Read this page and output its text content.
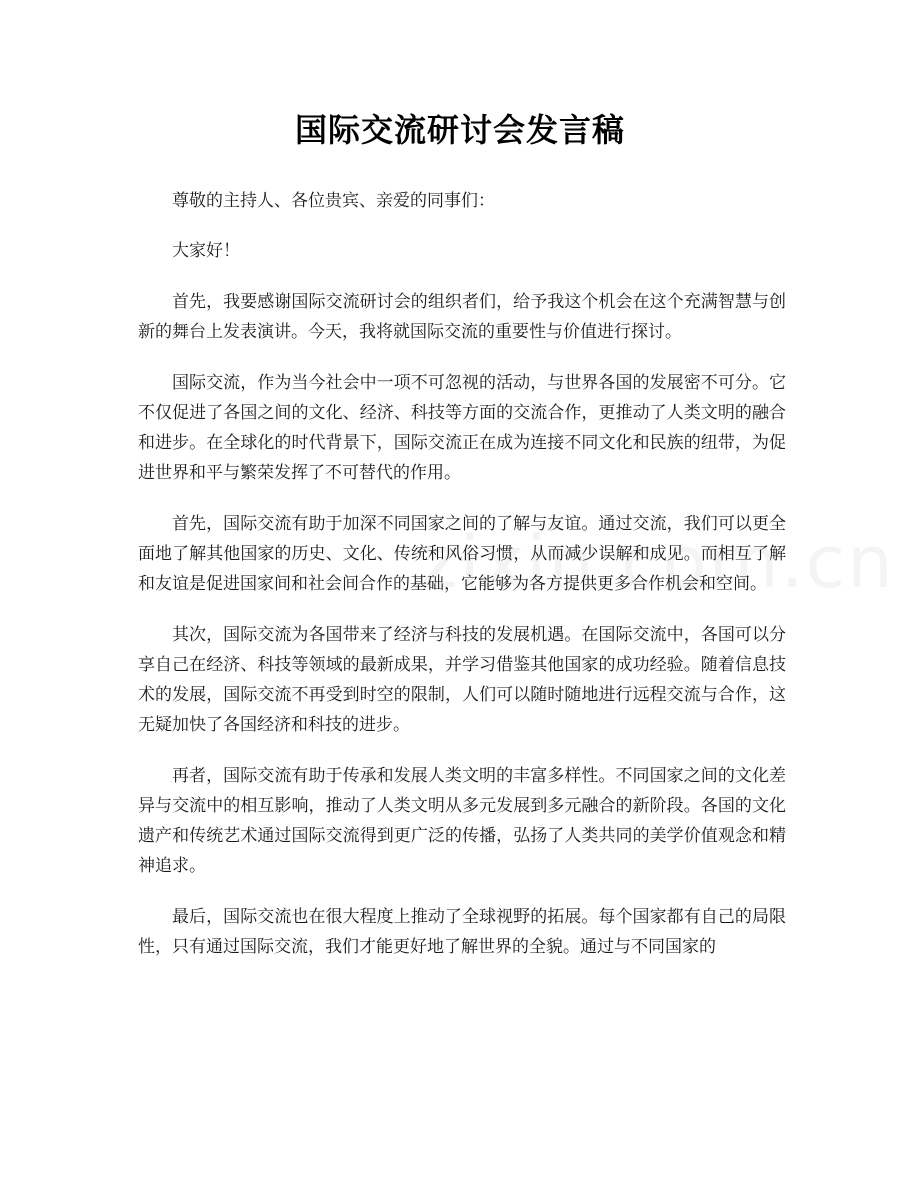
国际交流研讨会发言稿

尊敬的主持人、各位贵宾、亲爱的同事们：

大家好！

首先，我要感谢国际交流研讨会的组织者们，给予我这个机会在这个充满智慧与创新的舞台上发表演讲。今天，我将就国际交流的重要性与价值进行探讨。

国际交流，作为当今社会中一项不可忽视的活动，与世界各国的发展密不可分。它不仅促进了各国之间的文化、经济、科技等方面的交流合作，更推动了人类文明的融合和进步。在全球化的时代背景下，国际交流正在成为连接不同文化和民族的纽带，为促进世界和平与繁荣发挥了不可替代的作用。

首先，国际交流有助于加深不同国家之间的了解与友谊。通过交流，我们可以更全面地了解其他国家的历史、文化、传统和风俗习惯，从而减少误解和成见。而相互了解和友谊是促进国家间和社会间合作的基础，它能够为各方提供更多合作机会和空间。

其次，国际交流为各国带来了经济与科技的发展机遇。在国际交流中，各国可以分享自己在经济、科技等领域的最新成果，并学习借鉴其他国家的成功经验。随着信息技术的发展，国际交流不再受到时空的限制，人们可以随时随地进行远程交流与合作，这无疑加快了各国经济和科技的进步。

再者，国际交流有助于传承和发展人类文明的丰富多样性。不同国家之间的文化差异与交流中的相互影响，推动了人类文明从多元发展到多元融合的新阶段。各国的文化遗产和传统艺术通过国际交流得到更广泛的传播，弘扬了人类共同的美学价值观念和精神追求。

最后，国际交流也在很大程度上推动了全球视野的拓展。每个国家都有自己的局限性，只有通过国际交流，我们才能更好地了解世界的全貌。通过与不同国家的
